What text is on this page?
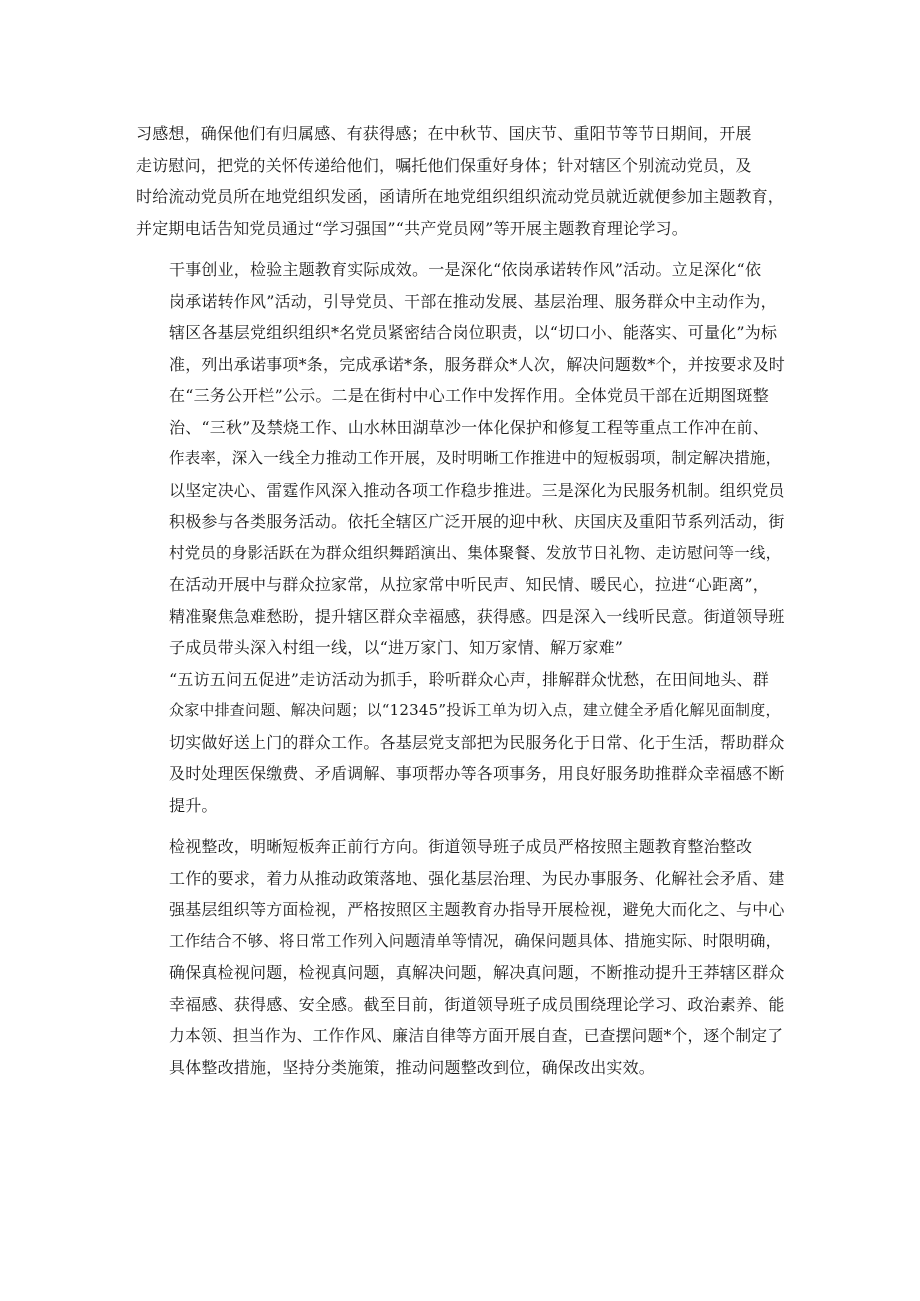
习感想，确保他们有归属感、有获得感；在中秋节、国庆节、重阳节等节日期间，开展
走访慰问，把党的关怀传递给他们，嘱托他们保重好身体；针对辖区个别流动党员，及
时给流动党员所在地党组织发函，函请所在地党组织组织流动党员就近就便参加主题教育，
并定期电话告知党员通过“学习强国”“共产党员网”等开展主题教育理论学习。

干事创业，检验主题教育实际成效。一是深化“依岗承诺转作风”活动。立足深化“依
岗承诺转作风”活动，引导党员、干部在推动发展、基层治理、服务群众中主动作为，
辖区各基层党组织组织*名党员紧密结合岗位职责，以“切口小、能落实、可量化”为标
准，列出承诺事项*条，完成承诺*条，服务群众*人次，解决问题数*个，并按要求及时
在“三务公开栏”公示。二是在街村中心工作中发挥作用。全体党员干部在近期图斑整
治、“三秋”及禁烧工作、山水林田湖草沙一体化保护和修复工程等重点工作冲在前、
作表率，深入一线全力推动工作开展，及时明晰工作推进中的短板弱项，制定解决措施，
以坚定决心、雷霆作风深入推动各项工作稳步推进。三是深化为民服务机制。组织党员
积极参与各类服务活动。依托全辖区广泛开展的迎中秋、庆国庆及重阳节系列活动，街
村党员的身影活跃在为群众组织舞蹈演出、集体聚餐、发放节日礼物、走访慰问等一线，
在活动开展中与群众拉家常，从拉家常中听民声、知民情、暖民心，拉进“心距离”，
精准聚焦急难愁盼，提升辖区群众幸福感，获得感。四是深入一线听民意。街道领导班
子成员带头深入村组一线，以“进万家门、知万家情、解万家难”
“五访五问五促进”走访活动为抓手，聆听群众心声，排解群众忧愁，在田间地头、群
众家中排查问题、解决问题；以“12345”投诉工单为切入点，建立健全矛盾化解见面制度，
切实做好送上门的群众工作。各基层党支部把为民服务化于日常、化于生活，帮助群众
及时处理医保缴费、矛盾调解、事项帮办等各项事务，用良好服务助推群众幸福感不断
提升。

检视整改，明晰短板奔正前行方向。街道领导班子成员严格按照主题教育整治整改
工作的要求，着力从推动政策落地、强化基层治理、为民办事服务、化解社会矛盾、建
强基层组织等方面检视，严格按照区主题教育办指导开展检视，避免大而化之、与中心
工作结合不够、将日常工作列入问题清单等情况，确保问题具体、措施实际、时限明确，
确保真检视问题，检视真问题，真解决问题，解决真问题，不断推动提升王莽辖区群众
幸福感、获得感、安全感。截至目前，街道领导班子成员围绕理论学习、政治素养、能
力本领、担当作为、工作作风、廉洁自律等方面开展自查，已查摆问题*个，逐个制定了
具体整改措施，坚持分类施策，推动问题整改到位，确保改出实效。
